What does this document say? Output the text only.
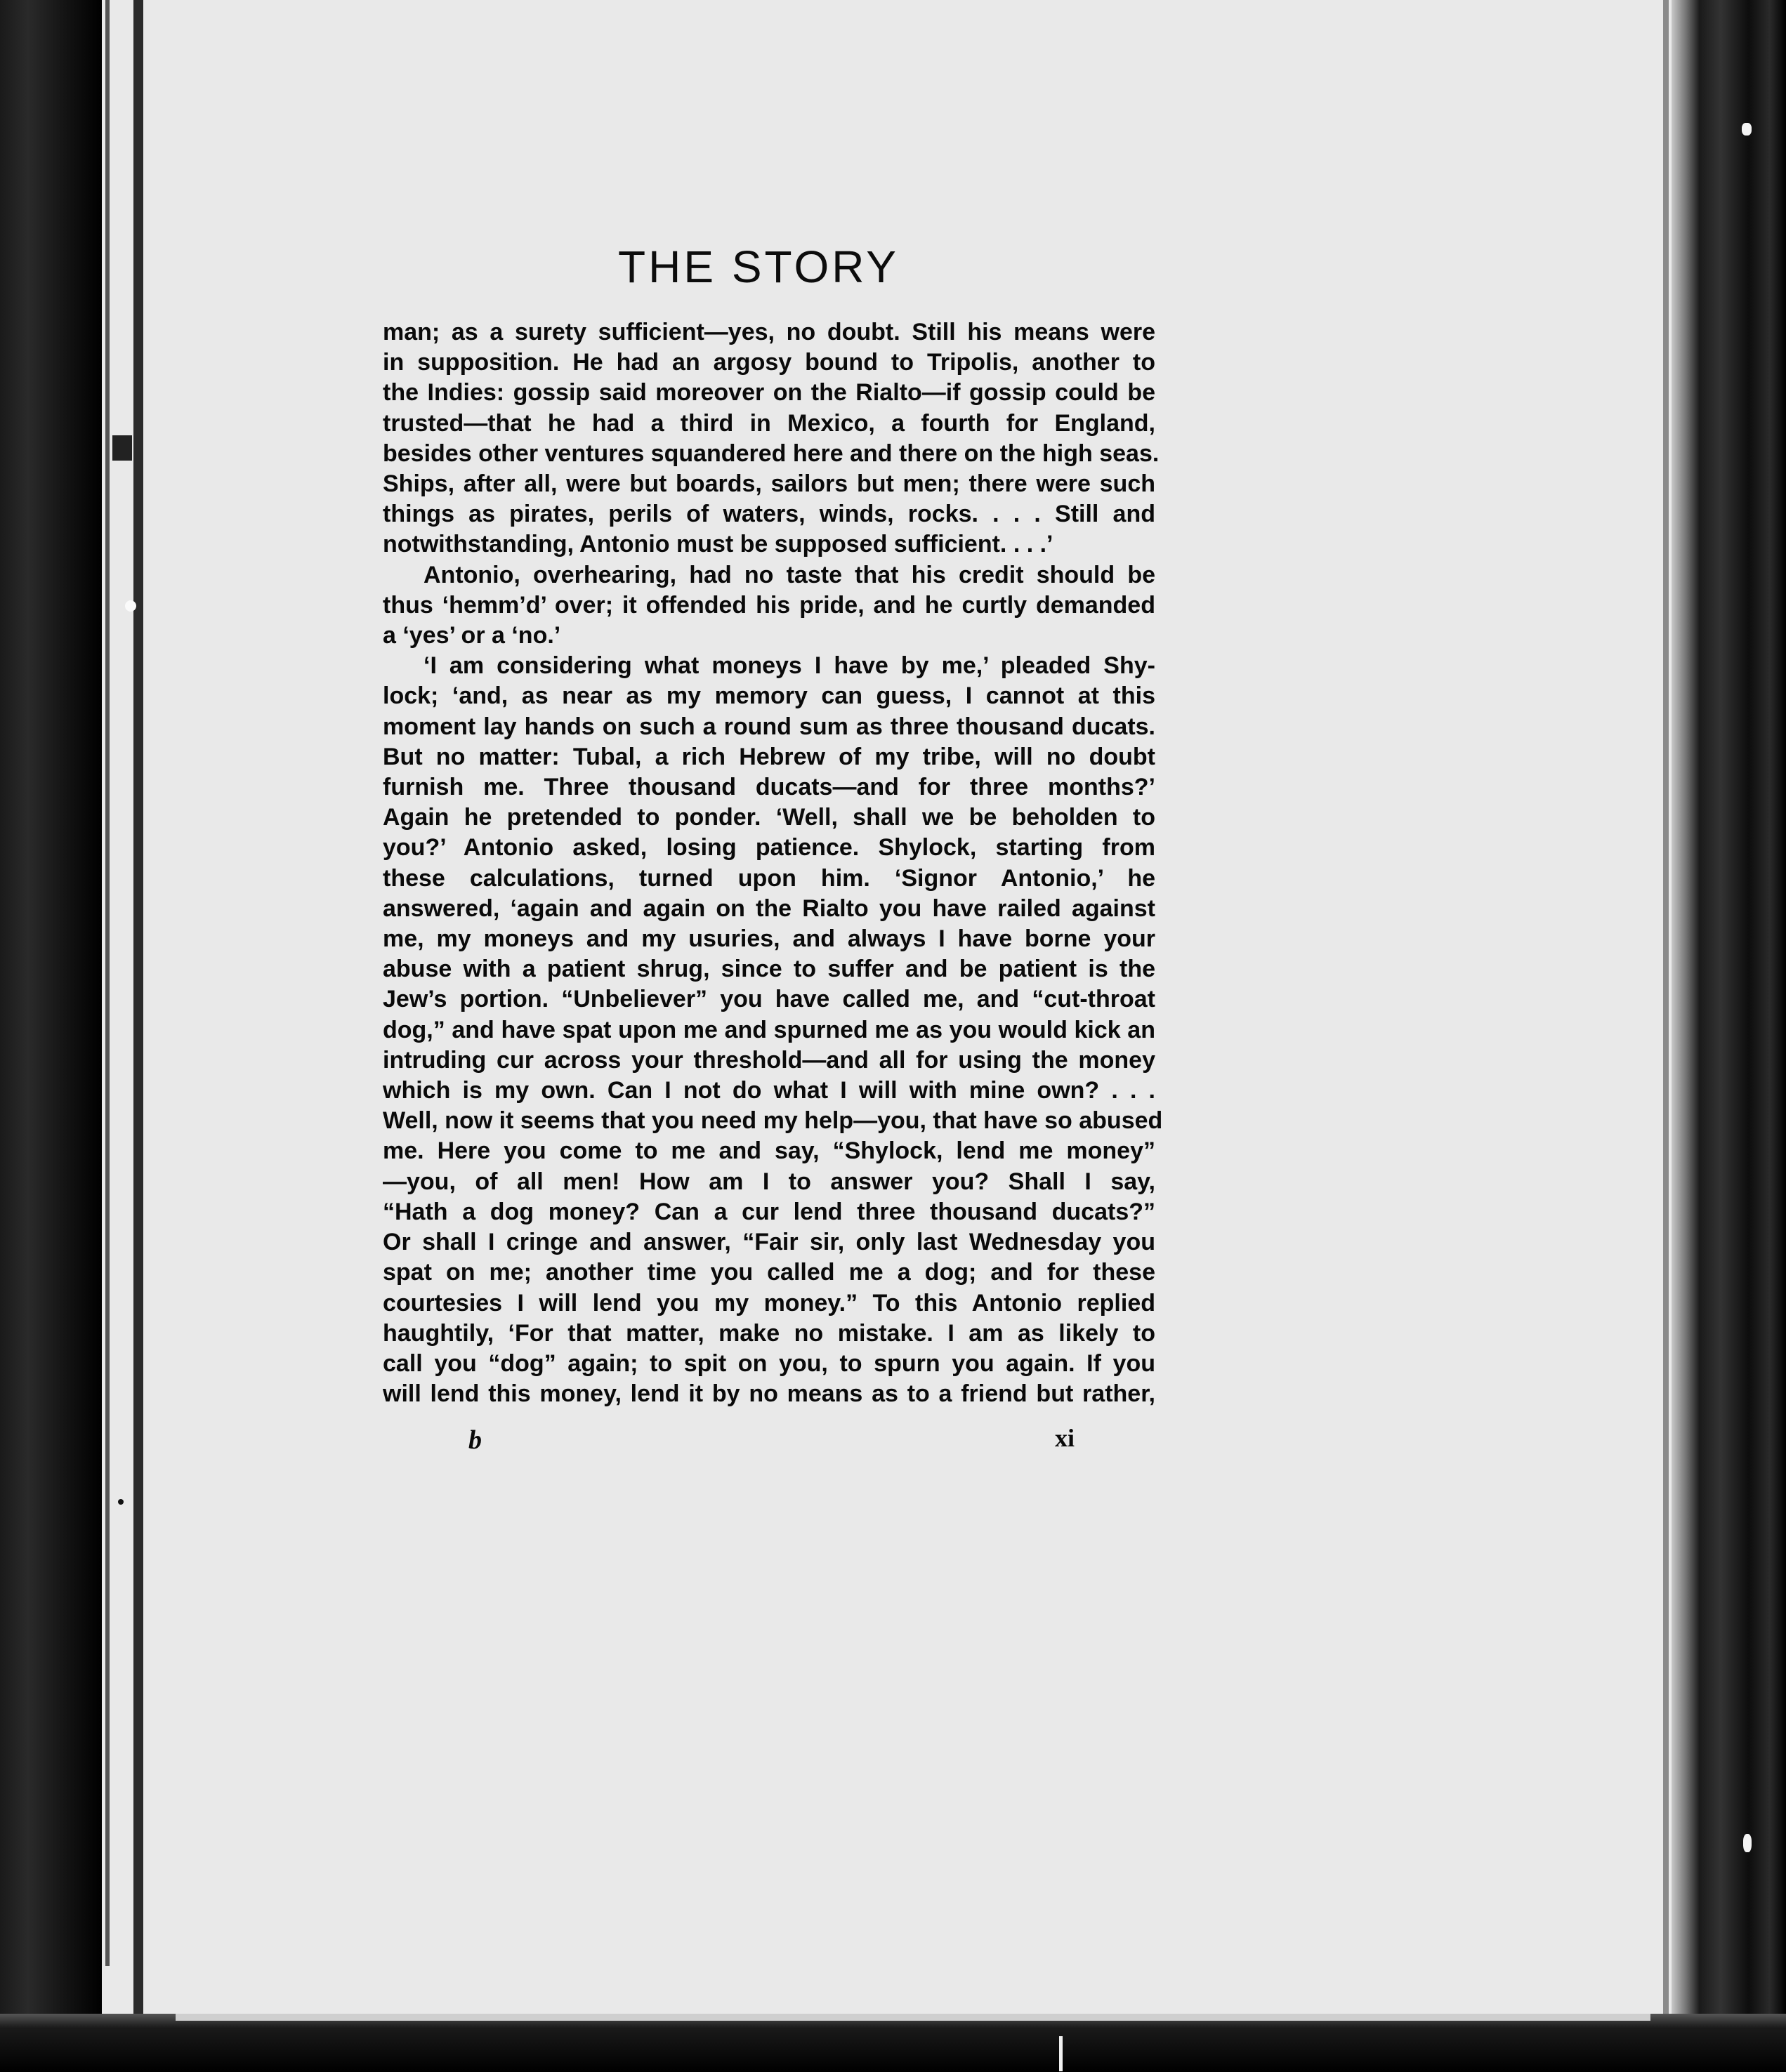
THE STORY
man; as a surety sufficient—yes, no doubt. Still his means were
in supposition. He had an argosy bound to Tripolis, another to
the Indies: gossip said moreover on the Rialto—if gossip could be
trusted—that he had a third in Mexico, a fourth for England,
besides other ventures squandered here and there on the high seas.
Ships, after all, were but boards, sailors but men; there were such
things as pirates, perils of waters, winds, rocks. . . . Still and
notwithstanding, Antonio must be supposed sufficient. . . .’
Antonio, overhearing, had no taste that his credit should be
thus ‘hemm’d’ over; it offended his pride, and he curtly demanded
a ‘yes’ or a ‘no.’
‘I am considering what moneys I have by me,’ pleaded Shy-
lock; ‘and, as near as my memory can guess, I cannot at this
moment lay hands on such a round sum as three thousand ducats.
But no matter: Tubal, a rich Hebrew of my tribe, will no doubt
furnish me. Three thousand ducats—and for three months?’
Again he pretended to ponder. ‘Well, shall we be beholden to
you?’ Antonio asked, losing patience. Shylock, starting from
these calculations, turned upon him. ‘Signor Antonio,’ he
answered, ‘again and again on the Rialto you have railed against
me, my moneys and my usuries, and always I have borne your
abuse with a patient shrug, since to suffer and be patient is the
Jew’s portion. “Unbeliever” you have called me, and “cut-throat
dog,” and have spat upon me and spurned me as you would kick an
intruding cur across your threshold—and all for using the money
which is my own. Can I not do what I will with mine own? . . .
Well, now it seems that you need my help—you, that have so abused
me. Here you come to me and say, “Shylock, lend me money”
—you, of all men! How am I to answer you? Shall I say,
“Hath a dog money? Can a cur lend three thousand ducats?”
Or shall I cringe and answer, “Fair sir, only last Wednesday you
spat on me; another time you called me a dog; and for these
courtesies I will lend you my money.” To this Antonio replied
haughtily, ‘For that matter, make no mistake. I am as likely to
call you “dog” again; to spit on you, to spurn you again. If you
will lend this money, lend it by no means as to a friend but rather,
b	xi
